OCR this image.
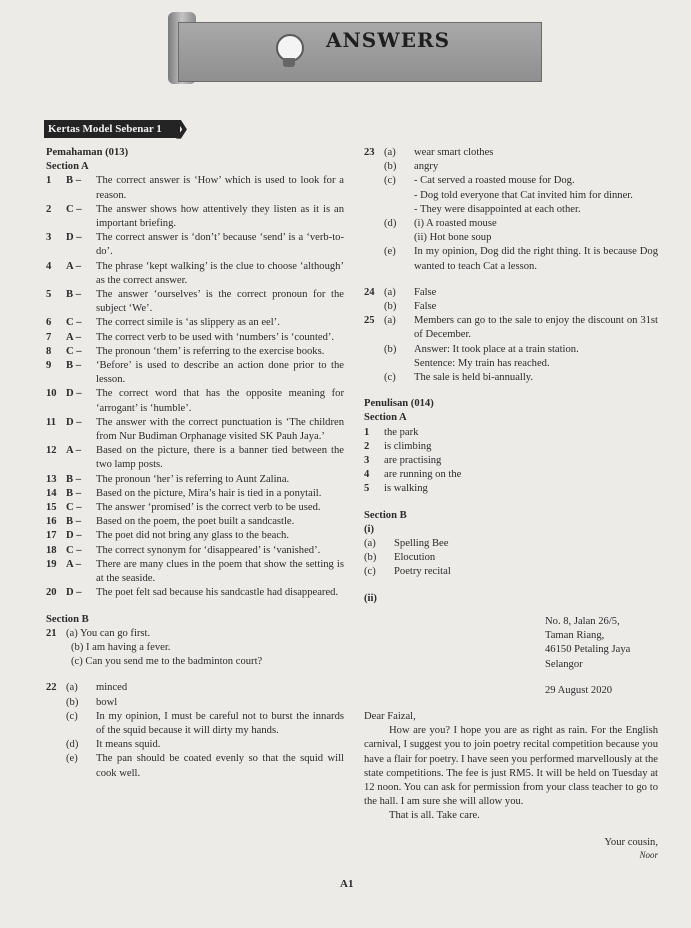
ANSWERS
Kertas Model Sebenar 1 ❯
Pemahaman (013)
Section A
1	B –	The correct answer is ‘How’ which is used to look for a reason.
2	C –	The answer shows how attentively they listen as it is an important briefing.
3	D –	The correct answer is ‘don’t’ because ‘send’ is a ‘verb-to-do’.
4	A –	The phrase ‘kept walking’ is the clue to choose ‘although’ as the correct answer.
5	B –	The answer ‘ourselves’ is the correct pronoun for the subject ‘We’.
6	C –	The correct simile is ‘as slippery as an eel’.
7	A –	The correct verb to be used with ‘numbers’ is ‘counted’.
8	C –	The pronoun ‘them’ is referring to the exercise books.
9	B –	‘Before’ is used to describe an action done prior to the lesson.
10 D –	The correct word that has the opposite meaning for ‘arrogant’ is ‘humble’.
11 D –	The answer with the correct punctuation is ‘The children from Nur Budiman Orphanage visited SK Pauh Jaya.’
12 A –	Based on the picture, there is a banner tied between the two lamp posts.
13 B –	The pronoun ‘her’ is referring to Aunt Zalina.
14 B –	Based on the picture, Mira’s hair is tied in a ponytail.
15 C –	The answer ‘promised’ is the correct verb to be used.
16 B –	Based on the poem, the poet built a sandcastle.
17 D –	The poet did not bring any glass to the beach.
18 C –	The correct synonym for ‘disappeared’ is ‘vanished’.
19 A –	There are many clues in the poem that show the setting is at the seaside.
20 D –	The poet felt sad because his sandcastle had disappeared.
Section B
21 (a) You can go first.
(b) I am having a fever.
(c) Can you send me to the badminton court?
22 (a)	minced
(b)	bowl
(c)	In my opinion, I must be careful not to burst the innards of the squid because it will dirty my hands.
(d)	It means squid.
(e)	The pan should be coated evenly so that the squid will cook well.
23 (a)	wear smart clothes
(b)	angry
(c)	- Cat served a roasted mouse for Dog.
- Dog told everyone that Cat invited him for dinner.
- They were disappointed at each other.
(d)	(i) A roasted mouse
(ii) Hot bone soup
(e)	In my opinion, Dog did the right thing. It is because Dog wanted to teach Cat a lesson.
24 (a)	False
(b)	False
25 (a)	Members can go to the sale to enjoy the discount on 31st of December.
(b)	Answer: It took place at a train station.
Sentence: My train has reached.
(c)	The sale is held bi-annually.
Penulisan (014)
Section A
1	the park
2	is climbing
3	are practising
4	are running on the
5	is walking
Section B
(i)
(a)	Spelling Bee
(b)	Elocution
(c)	Poetry recital
(ii)
No. 8, Jalan 26/5,
Taman Riang,
46150 Petaling Jaya
Selangor
29 August 2020
Dear Faizal,
How are you? I hope you are as right as rain. For the English carnival, I suggest you to join poetry recital competition because you have a flair for poetry. I have seen you performed marvellously at the state competitions. The fee is just RM5. It will be held on Tuesday at 12 noon. You can ask for permission from your class teacher to go to the hall. I am sure she will allow you.
That is all. Take care.
Your cousin,
Noor
A1
